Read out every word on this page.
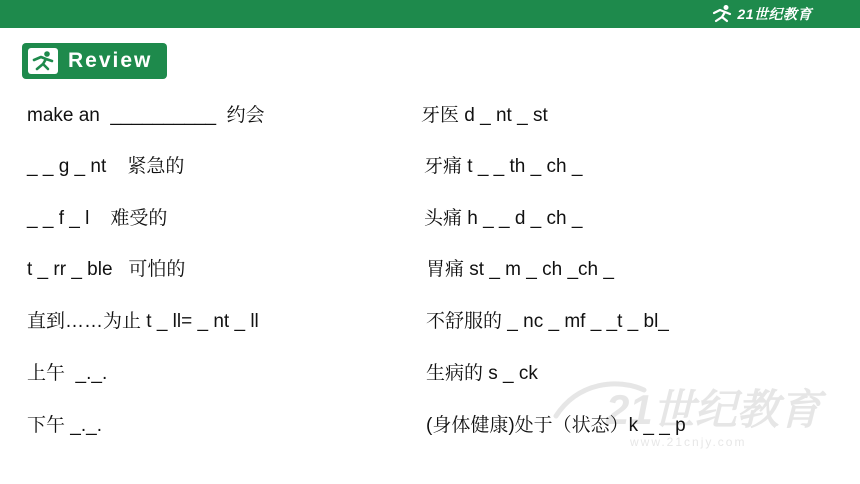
21世纪教育
Review
make an  __________  约会
_ _ g _ nt    紧急的
_ _ f _ l    难受的
t _ rr _ ble   可怕的
直到……为止 t _ ll= _ nt _ ll
上午  _._.
下午 _._.
牙医 d _ nt _ st
牙痛 t _ _ th _ ch _
头痛 h _ _ d _ ch _
胃痛 st _ m _ ch _ch _
不舒服的 _ nc _ mf _ _t _ bl_
生病的 s _ ck
(身体健康)处于（状态）k _ _ p
21世纪教育
www.21cnjy.com
